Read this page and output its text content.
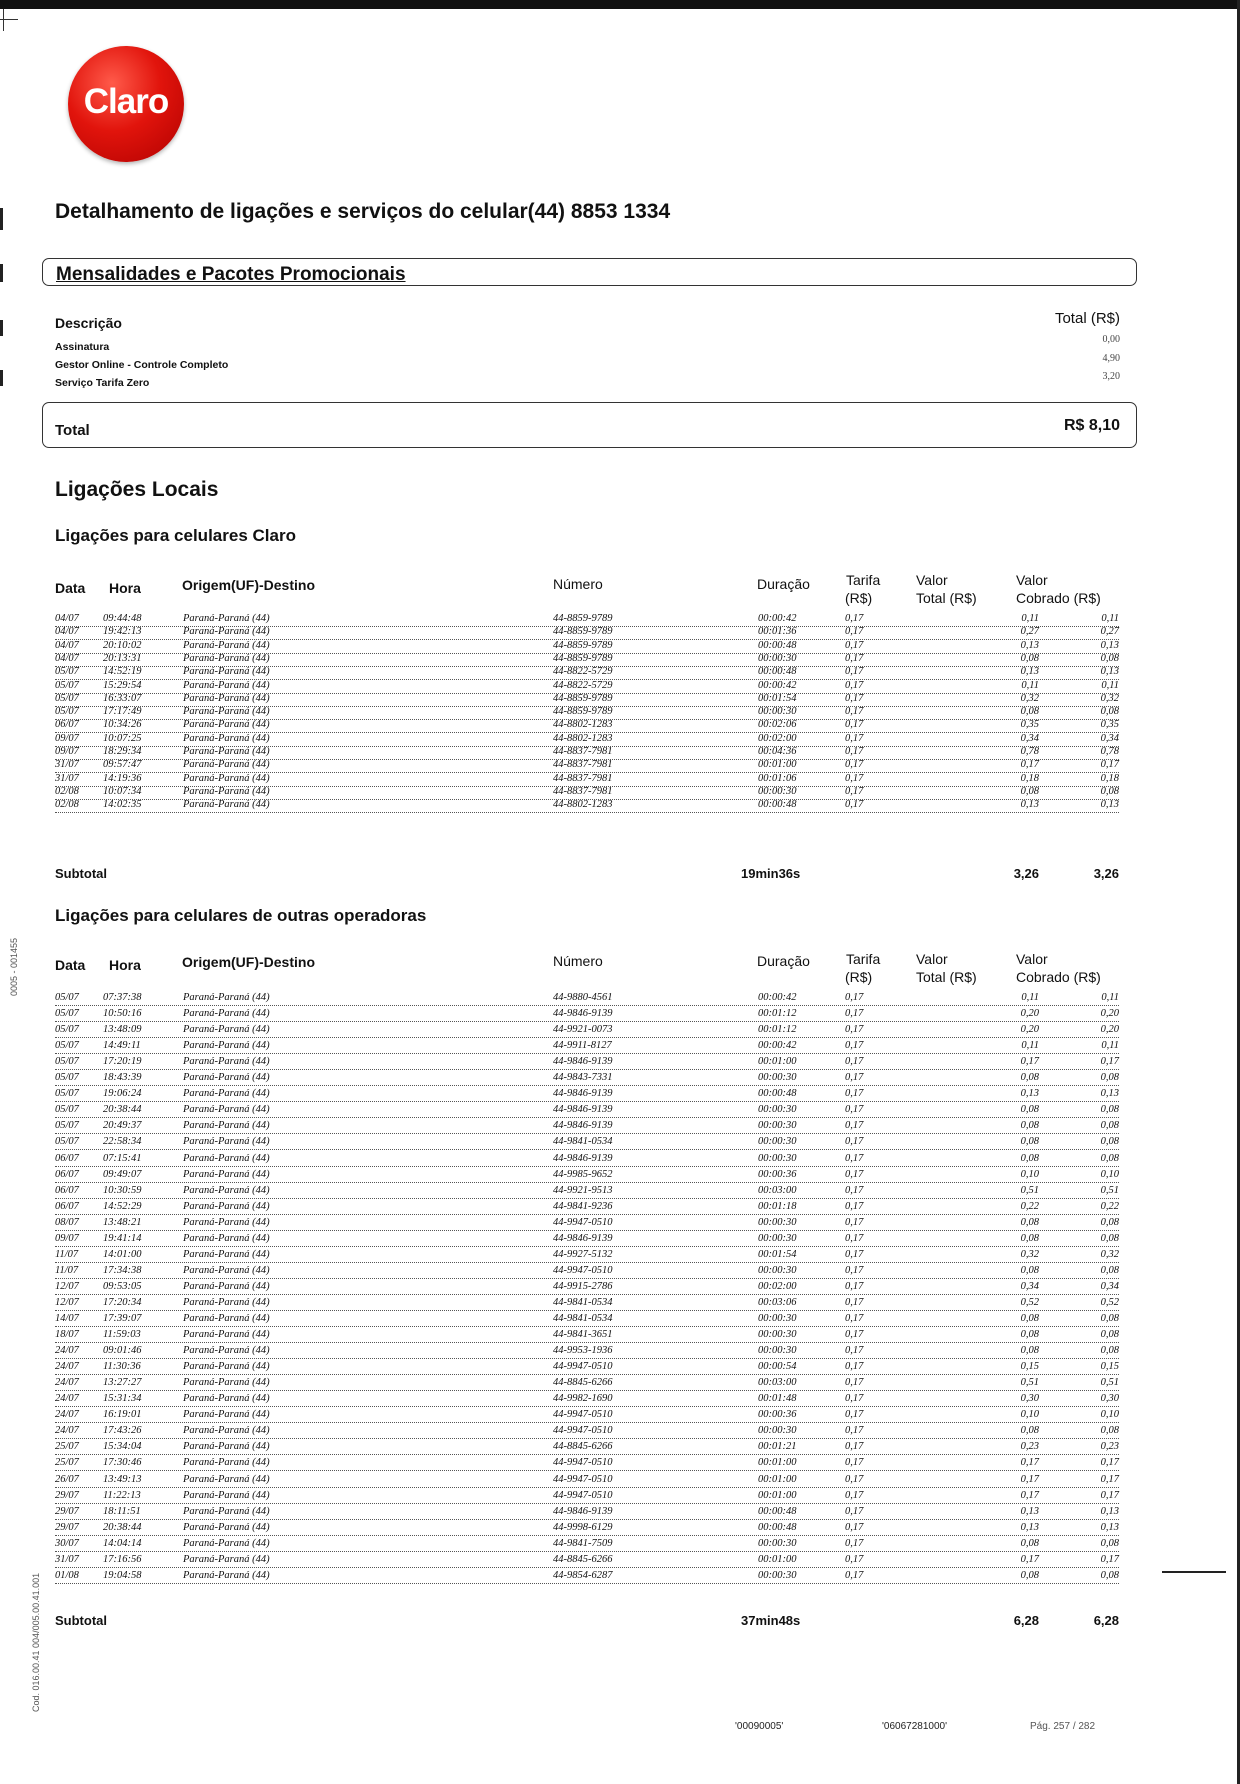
Claro
Detalhamento de ligações e serviços do celular(44) 8853 1334
Mensalidades e Pacotes Promocionais
Descrição	Total (R$)
Assinatura
0,00
Gestor Online - Controle Completo
4,90
Serviço Tarifa Zero
3,20
Total	R$ 8,10
Ligações Locais
Ligações para celulares Claro
Data Hora	Origem(UF)-Destino	Número	Duração	Tarifa
(R$)
Valor
Total (R$)
Valor
Cobrado (R$)
04/07 09:44:48	Paraná-Paraná (44)	44-8859-9789	00:00:42	0,17	0,11	0,11
04/07 19:42:13	Paraná-Paraná (44)	44-8859-9789	00:01:36	0,17	0,27	0,27
04/07 20:10:02	Paraná-Paraná (44)	44-8859-9789	00:00:48	0,17	0,13	0,13
04/07 20:13:31	Paraná-Paraná (44)	44-8859-9789	00:00:30	0,17	0,08	0,08
05/07 14:52:19	Paraná-Paraná (44)	44-8822-5729	00:00:48	0,17	0,13	0,13
05/07 15:29:54	Paraná-Paraná (44)	44-8822-5729	00:00:42	0,17	0,11	0,11
05/07 16:33:07	Paraná-Paraná (44)	44-8859-9789	00:01:54	0,17	0,32	0,32
05/07 17:17:49	Paraná-Paraná (44)	44-8859-9789	00:00:30	0,17	0,08	0,08
06/07 10:34:26	Paraná-Paraná (44)	44-8802-1283	00:02:06	0,17	0,35	0,35
09/07 10:07:25	Paraná-Paraná (44)	44-8802-1283	00:02:00	0,17	0,34	0,34
09/07 18:29:34	Paraná-Paraná (44)	44-8837-7981	00:04:36	0,17	0,78	0,78
31/07 09:57:47	Paraná-Paraná (44)	44-8837-7981	00:01:00	0,17	0,17	0,17
31/07 14:19:36	Paraná-Paraná (44)	44-8837-7981	00:01:06	0,17	0,18	0,18
02/08 10:07:34	Paraná-Paraná (44)	44-8837-7981	00:00:30	0,17	0,08	0,08
02/08 14:02:35	Paraná-Paraná (44)	44-8802-1283	00:00:48	0,17	0,13	0,13
Subtotal	19min36s	3,26	3,26
Ligações para celulares de outras operadoras
Data Hora	Origem(UF)-Destino	Número	Duração	Tarifa
(R$)
Valor
Total (R$)
Valor
Cobrado (R$)
05/07 07:37:38	Paraná-Paraná (44)	44-9880-4561	00:00:42	0,17	0,11	0,11
05/07 10:50:16	Paraná-Paraná (44)	44-9846-9139	00:01:12	0,17	0,20	0,20
05/07 13:48:09	Paraná-Paraná (44)	44-9921-0073	00:01:12	0,17	0,20	0,20
05/07 14:49:11	Paraná-Paraná (44)	44-9911-8127	00:00:42	0,17	0,11	0,11
05/07 17:20:19	Paraná-Paraná (44)	44-9846-9139	00:01:00	0,17	0,17	0,17
05/07 18:43:39	Paraná-Paraná (44)	44-9843-7331	00:00:30	0,17	0,08	0,08
05/07 19:06:24	Paraná-Paraná (44)	44-9846-9139	00:00:48	0,17	0,13	0,13
05/07 20:38:44	Paraná-Paraná (44)	44-9846-9139	00:00:30	0,17	0,08	0,08
05/07 20:49:37	Paraná-Paraná (44)	44-9846-9139	00:00:30	0,17	0,08	0,08
05/07 22:58:34	Paraná-Paraná (44)	44-9841-0534	00:00:30	0,17	0,08	0,08
06/07 07:15:41	Paraná-Paraná (44)	44-9846-9139	00:00:30	0,17	0,08	0,08
06/07 09:49:07	Paraná-Paraná (44)	44-9985-9652	00:00:36	0,17	0,10	0,10
06/07 10:30:59	Paraná-Paraná (44)	44-9921-9513	00:03:00	0,17	0,51	0,51
06/07 14:52:29	Paraná-Paraná (44)	44-9841-9236	00:01:18	0,17	0,22	0,22
08/07 13:48:21	Paraná-Paraná (44)	44-9947-0510	00:00:30	0,17	0,08	0,08
09/07 19:41:14	Paraná-Paraná (44)	44-9846-9139	00:00:30	0,17	0,08	0,08
11/07 14:01:00	Paraná-Paraná (44)	44-9927-5132	00:01:54	0,17	0,32	0,32
11/07 17:34:38	Paraná-Paraná (44)	44-9947-0510	00:00:30	0,17	0,08	0,08
12/07 09:53:05	Paraná-Paraná (44)	44-9915-2786	00:02:00	0,17	0,34	0,34
12/07 17:20:34	Paraná-Paraná (44)	44-9841-0534	00:03:06	0,17	0,52	0,52
14/07 17:39:07	Paraná-Paraná (44)	44-9841-0534	00:00:30	0,17	0,08	0,08
18/07 11:59:03	Paraná-Paraná (44)	44-9841-3651	00:00:30	0,17	0,08	0,08
24/07 09:01:46	Paraná-Paraná (44)	44-9953-1936	00:00:30	0,17	0,08	0,08
24/07 11:30:36	Paraná-Paraná (44)	44-9947-0510	00:00:54	0,17	0,15	0,15
24/07 13:27:27	Paraná-Paraná (44)	44-8845-6266	00:03:00	0,17	0,51	0,51
24/07 15:31:34	Paraná-Paraná (44)	44-9982-1690	00:01:48	0,17	0,30	0,30
24/07 16:19:01	Paraná-Paraná (44)	44-9947-0510	00:00:36	0,17	0,10	0,10
24/07 17:43:26	Paraná-Paraná (44)	44-9947-0510	00:00:30	0,17	0,08	0,08
25/07 15:34:04	Paraná-Paraná (44)	44-8845-6266	00:01:21	0,17	0,23	0,23
25/07 17:30:46	Paraná-Paraná (44)	44-9947-0510	00:01:00	0,17	0,17	0,17
26/07 13:49:13	Paraná-Paraná (44)	44-9947-0510	00:01:00	0,17	0,17	0,17
29/07 11:22:13	Paraná-Paraná (44)	44-9947-0510	00:01:00	0,17	0,17	0,17
29/07 18:11:51	Paraná-Paraná (44)	44-9846-9139	00:00:48	0,17	0,13	0,13
29/07 20:38:44	Paraná-Paraná (44)	44-9998-6129	00:00:48	0,17	0,13	0,13
30/07 14:04:14	Paraná-Paraná (44)	44-9841-7509	00:00:30	0,17	0,08	0,08
31/07 17:16:56	Paraná-Paraná (44)	44-8845-6266	00:01:00	0,17	0,17	0,17
01/08 19:04:58	Paraná-Paraná (44)	44-9854-6287	00:00:30	0,17	0,08	0,08
Subtotal	37min48s	6,28	6,28
'00090005'	'06067281000'	Pág. 257 / 282
0005 - 001455
Cod. 016.00.41 004/005.00.41.001
